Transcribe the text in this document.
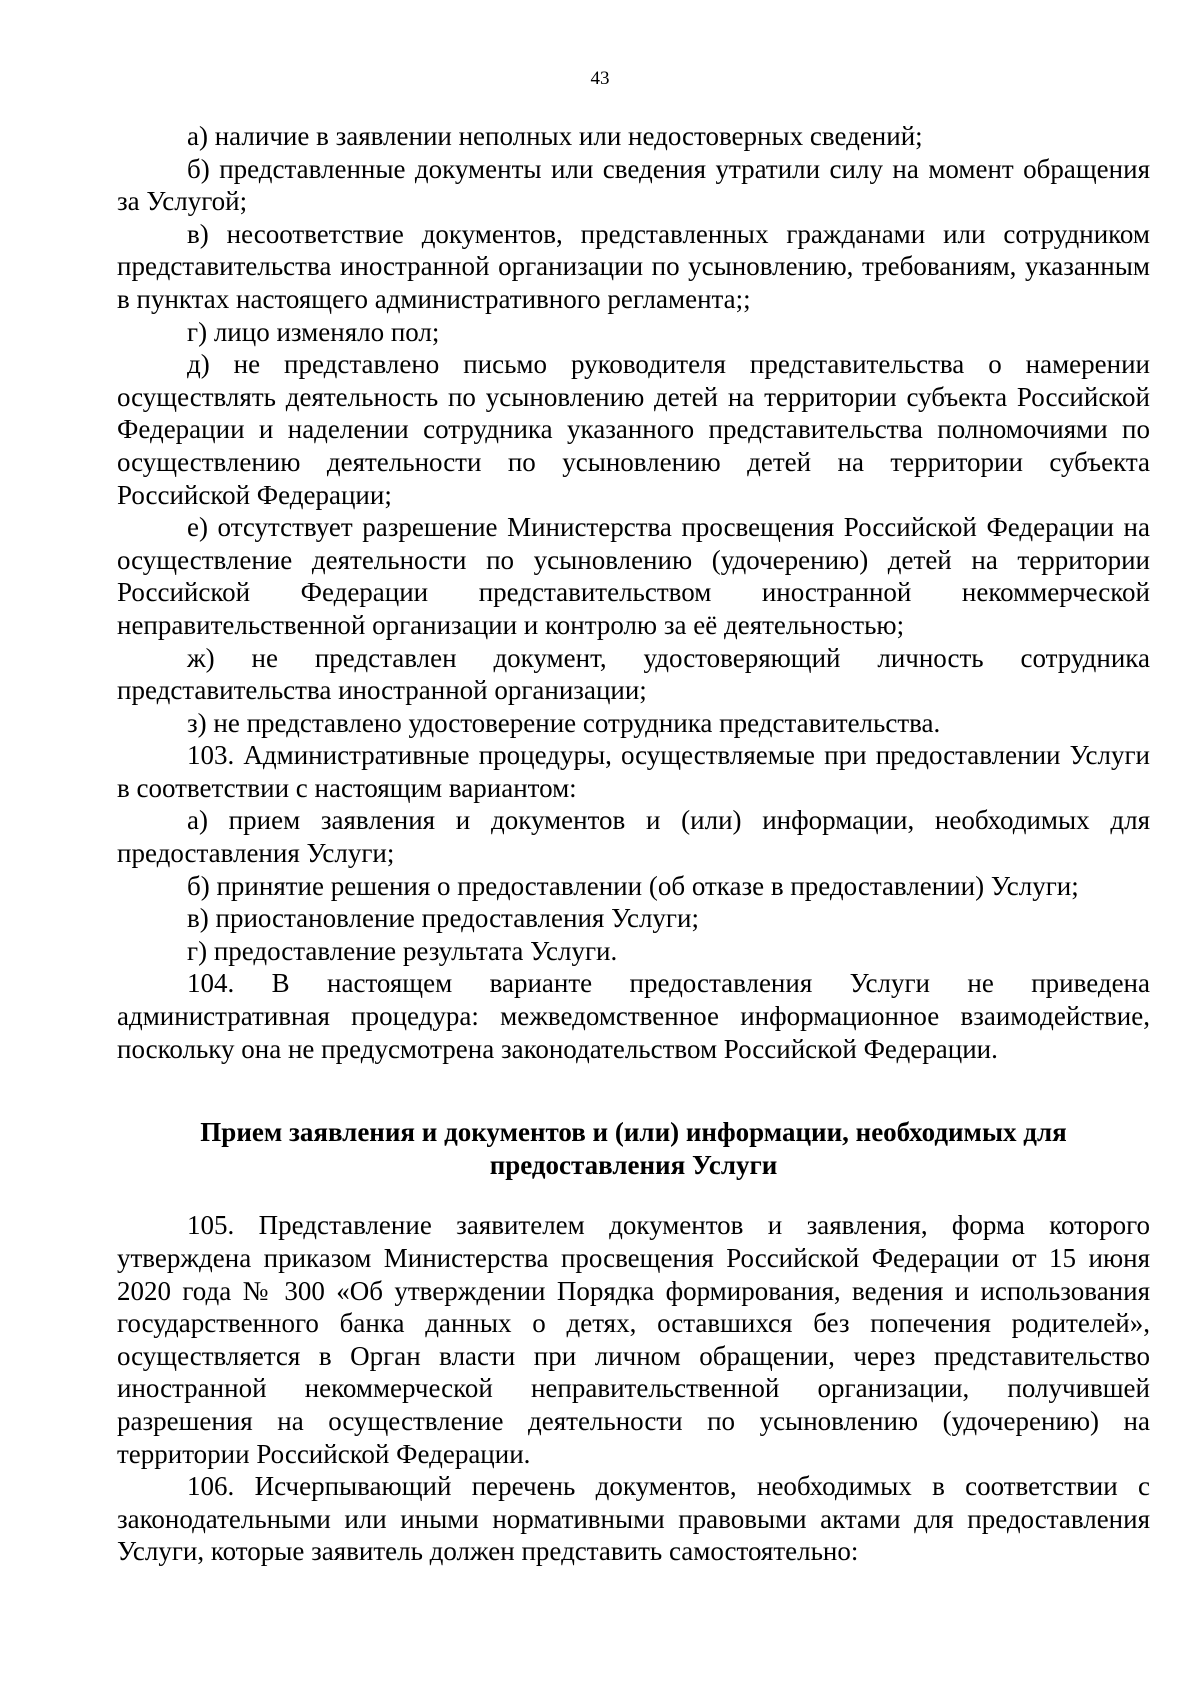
43

а) наличие в заявлении неполных или недостоверных сведений;

б) представленные документы или сведения утратили силу на момент обращения за Услугой;

в) несоответствие документов, представленных гражданами или сотрудником представительства иностранной организации по усыновлению, требованиям, указанным в пунктах настоящего административного регламента;;

г) лицо изменяло пол;

д) не представлено письмо руководителя представительства о намерении осуществлять деятельность по усыновлению детей на территории субъекта Российской Федерации и наделении сотрудника указанного представительства полномочиями по осуществлению деятельности по усыновлению детей на территории субъекта Российской Федерации;

е) отсутствует разрешение Министерства просвещения Российской Федерации на осуществление деятельности по усыновлению (удочерению) детей на территории Российской Федерации представительством иностранной некоммерческой неправительственной организации и контролю за её деятельностью;

ж) не представлен документ, удостоверяющий личность сотрудника представительства иностранной организации;

з) не представлено удостоверение сотрудника представительства.

103. Административные процедуры, осуществляемые при предоставлении Услуги в соответствии с настоящим вариантом:

а) прием заявления и документов и (или) информации, необходимых для предоставления Услуги;

б) принятие решения о предоставлении (об отказе в предоставлении) Услуги;

в) приостановление предоставления Услуги;

г) предоставление результата Услуги.

104. В настоящем варианте предоставления Услуги не приведена административная процедура: межведомственное информационное взаимодействие, поскольку она не предусмотрена законодательством Российской Федерации.

Прием заявления и документов и (или) информации, необходимых для предоставления Услуги

105. Представление заявителем документов и заявления, форма которого утверждена приказом Министерства просвещения Российской Федерации от 15 июня 2020 года № 300 «Об утверждении Порядка формирования, ведения и использования государственного банка данных о детях, оставшихся без попечения родителей», осуществляется в Орган власти при личном обращении, через представительство иностранной некоммерческой неправительственной организации, получившей разрешения на осуществление деятельности по усыновлению (удочерению) на территории Российской Федерации.

106. Исчерпывающий перечень документов, необходимых в соответствии с законодательными или иными нормативными правовыми актами для предоставления Услуги, которые заявитель должен представить самостоятельно:
